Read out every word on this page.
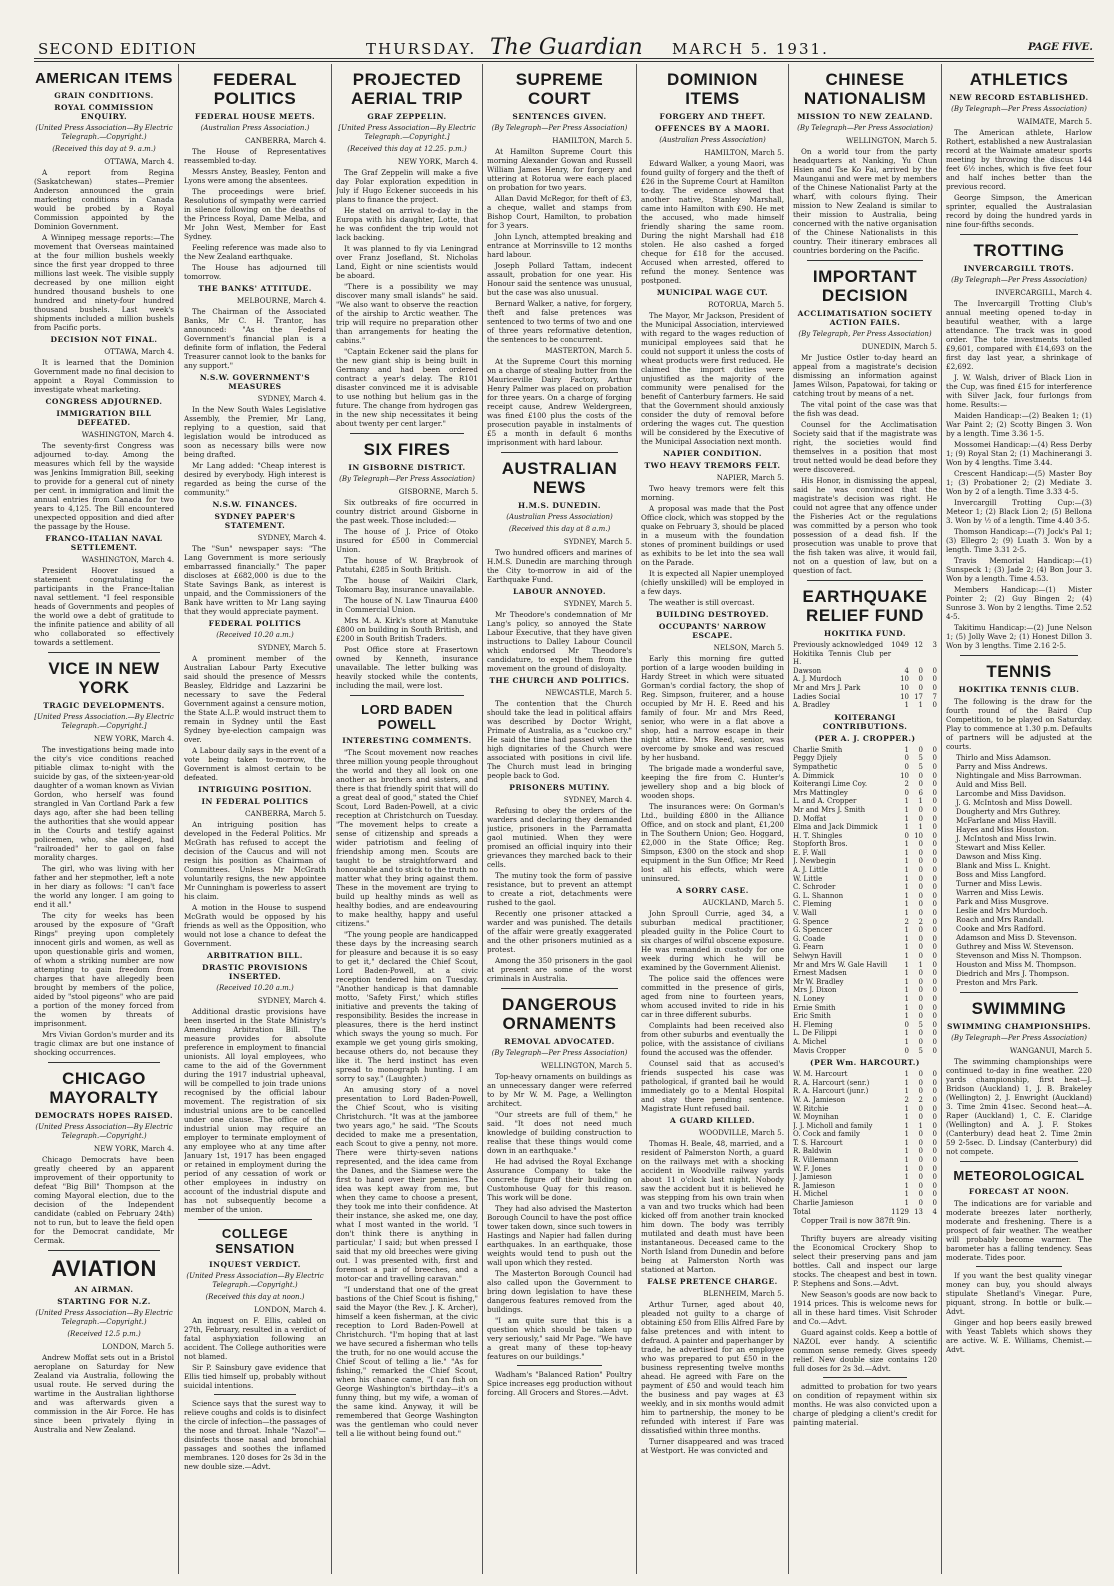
SECOND EDITION	THURSDAY. The Guardian MARCH 5. 1931.	PAGE FIVE.
AMERICAN ITEMS
GRAIN CONDITIONS.
ROYAL COMMISSION ENQUIRY.
(United Press Association—By Electric Telegraph.—Copyright.)
(Received this day at 9. a.m.)

OTTAWA, March 4.

A report from Regina (Saskatchewan) states—Premier Anderson announced the grain marketing conditions in Canada would be probed by a Royal Commission appointed by the Dominion Government.

A Winnipeg message reports:—The movement that Overseas maintained at the four million bushels weekly since the first year dropped to three millions last week. The visible supply decreased by one million eight hundred thousand bushels to one hundred and ninety-four hundred thousand bushels. Last week's shipments included a million bushels from Pacific ports.

DECISION NOT FINAL.

OTTAWA, March 4.

It is learned that the Dominion Government made no final decision to appoint a Royal Commission to investigate wheat marketing.

CONGRESS ADJOURNED.
IMMIGRATION BILL DEFEATED.

WASHINGTON, March 4.

The seventy-first Congress was adjourned to-day. Among the measures which fell by the wayside was Jenkins Immigration Bill, seeking to provide for a general cut of ninety per cent. in immigration and limit the annual entries from Canada for two years to 4,125. The Bill encountered unexpected opposition and died after the passage by the House.

FRANCO-ITALIAN NAVAL SETTLEMENT.

WASHINGTON, March 4.

President Hoover issued a statement congratulating the participants in the France-Italian naval settlement. "I feel responsible heads of Governments and peoples of the world owe a debt of gratitude to the infinite patience and ability of all who collaborated so effectively towards a settlement.

VICE IN NEW YORK
TRAGIC DEVELOPMENTS.
[United Press Association.—By Electric Telegraph.—Copyright.]

NEW YORK, March 4.

The investigations being made into the city's vice conditions reached pitiable climax to-night with the suicide by gas, of the sixteen-year-old daughter of a woman known as Vivian Gordon, who herself was found strangled in Van Cortland Park a few days ago, after she had been telling the authorities that she would appear in the Courts and testify against policemen, who, she alleged, had "railroaded" her to gaol on false morality charges.

The girl, who was living with her father and her stepmother, left a note in her diary as follows: "I can't face the world any longer. I am going to end it all."

The city for weeks has been aroused by the exposure of "Graft Rings" preying upon completely innocent girls and women, as well as upon questionable girls and women, of whom a striking number are now attempting to gain freedom from charges that have allegedly been brought by members of the police, aided by "stool pigeons" who are paid a portion of the money forced from the women by threats of imprisonment.

Mrs Vivian Gordon's murder and its tragic climax are but one instance of shocking occurrences.

CHICAGO MAYORALTY
DEMOCRATS HOPES RAISED.
(United Press Association—By Electric Telegraph.—Copyright.)

NEW YORK, March 4.

Chicago Democrats have been greatly cheered by an apparent improvement of their opportunity to defeat "Big Bill" Thompson at the coming Mayoral election, due to the decision of the Independent candidate (cabled on February 24th) not to run, but to leave the field open for the Democrat candidate, Mr Cermak.

AVIATION
AN AIRMAN.
STARTING FOR N.Z.
(United Press Association—By Electric Telegraph.—Copyright.)
(Received 12.5 p.m.)

LONDON, March 5.

Andrew Moffat sets out in a Bristol aeroplane on Saturday for New Zealand via Australia, following the usual route. He served during the wartime in the Australian lighthorse and was afterwards given a commission in the Air Force. He has since been privately flying in Australia and New Zealand.

FEDERAL POLITICS
FEDERAL HOUSE MEETS.
(Australian Press Association.)

CANBERRA, March 4.

The House of Representatives reassembled to-day.

Messrs Anstey, Beasley, Fenton and Lyons were among the absentees.

The proceedings were brief. Resolutions of sympathy were carried in silence following on the deaths of the Princess Royal, Dame Melba, and Mr John West, Member for East Sydney.

Feeling reference was made also to the New Zealand earthquake.

The House has adjourned till tomorrow.

THE BANKS' ATTITUDE.

MELBOURNE, March 4.

The Chairman of the Associated Banks, Mr C. H. Trantor, has announced: "As the Federal Government's financial plan is a definite form of inflation, the Federal Treasurer cannot look to the banks for any support."

N.S.W. GOVERNMENT'S MEASURES

SYDNEY, March 4.

In the New South Wales Legislative Assembly, the Premier, Mr Lang, replying to a question, said that legislation would be introduced as soon as necessary bills were now being drafted.

Mr Lang added: "Cheap interest is desired by everybody. High interest is regarded as being the curse of the community."

N.S.W. FINANCES.
SYDNEY PAPER'S STATEMENT.

SYDNEY, March 4.

The "Sun" newspaper says: "The Lang Government is more seriously embarrassed financially." The paper discloses at £682,000 is due to the State Savings Bank, as interest is unpaid, and the Commissioners of the Bank have written to Mr Lang saying that they would appreciate payment.

FEDERAL POLITICS
(Received 10.20 a.m.)

SYDNEY, March 5.

A prominent member of the Australian Labour Party Executive said should the presence of Messrs Beasley, Eldridge and Lazzarini be necessary to save the Federal Government against a censure motion, the State A.L.P. would instruct them to remain in Sydney until the East Sydney bye-election campaign was over.

A Labour daily says in the event of a vote being taken to-morrow, the Government is almost certain to be defeated.

INTRIGUING POSITION.
IN FEDERAL POLITICS

CANBERRA, March 5.

An intriguing position has developed in the Federal Politics. Mr McGrath has refused to accept the decision of the Caucus and will not resign his position as Chairman of Committees. Unless Mr McGrath voluntarily resigns, the new appointee Mr Cunningham is powerless to assert his claim.

A motion in the House to suspend McGrath would be opposed by his friends as well as the Opposition, who would not lose a chance to defeat the Government.

ARBITRATION BILL.
DRASTIC PROVISIONS INSERTED.
(Received 10.20 a.m.)

SYDNEY, March 4.

Additional drastic provisions have been inserted in the State Ministry's Amending Arbitration Bill. The measure provides for absolute preference in employment to financial unionists. All loyal employees, who came to the aid of the Government during the 1917 industrial upheaval, will be compelled to join trade unions recognised by the official labour movement. The registration of six industrial unions are to be cancelled under one clause. The office of the industrial union may require an employer to terminate employment of any employee who at any time after January 1st, 1917 has been engaged or retained in employment during the period of any cessation of work or other employees in industry on account of the industrial dispute and has not subsequently become a member of the union.

COLLEGE SENSATION
INQUEST VERDICT.
(United Press Association—By Electric Telegraph.—Copyright.)
(Received this day at noon.)

LONDON, March 4.

An inquest on F. Ellis, cabled on 27th, February, resulted in a verdict of fatal asphyxiation following an accident. The College authorities were not blamed.

Sir P. Sainsbury gave evidence that Ellis tied himself up, probably without suicidal intentions.

Science says that the surest way to relieve coughs and colds is to disinfect the circle of infection—the passages of the nose and throat. Inhale "Nazol"—disinfects those nasal and bronchial passages and soothes the inflamed membranes. 120 doses for 2s 3d in the new double size.—Advt.

PROJECTED AERIAL TRIP
GRAF ZEPPELIN.
[United Press Association—By Electric Telegraph.—Copyright.]
(Received this day at 12.25. p.m.)

NEW YORK, March 4.

The Graf Zeppelin will make a five day Polar exploration expedition in July if Hugo Eckener succeeds in his plans to finance the project.

He stated on arrival to-day in the Europa with his daughter, Lotte, that he was confident the trip would not lack backing.

It was planned to fly via Leningrad over Franz Josefland, St. Nicholas Land, Eight or nine scientists would be aboard.

"There is a possibility we may discover many small islands" he said. "We also want to observe the reaction of the airship to Arctic weather. The trip will require no preparation other than arrangements for heating the cabins."

"Captain Eckener said the plans for the new giant ship is being built in Germany and had been ordered contract a year's delay. The R101 disaster convinced me it is advisable to use nothing but helium gas in the future. The change from hydrogen gas in the new ship necessitates it being about twenty per cent larger."

SIX FIRES
IN GISBORNE DISTRICT.
(By Telegraph—Per Press Association)

GISBORNE, March 5.

Six outbreaks of fire occurred in country district around Gisborne in the past week. Those included:—

The house of J. Price of Otoko insured for £500 in Commercial Union.

The house of W. Braybrook of Patutahi, £285 in South British.

The house of Waikiri Clark, Tokomaru Bay, insurance unavailable.

The house of N. Law Tinaurua £400 in Commercial Union.

Mrs M. A. Kirk's store at Manutuke £800 on building in South British, and £200 in South British Traders.

Post Office store at Frasertown owned by Kenneth, insurance unavailable. The letter bulking was heavily stocked while the contents, including the mail, were lost.

LORD BADEN POWELL
INTERESTING COMMENTS.

"The Scout movement now reaches three million young people throughout the world and they all look on one another as brothers and sisters, and there is that friendly spirit that will do a great deal of good," stated the Chief Scout, Lord Baden-Powell, at a civic reception at Christchurch on Tuesday. "The movement helps to create a sense of citizenship and spreads a wider patriotism and feeling of friendship among men. Scouts are taught to be straightforward and honourable and to stick to the truth no matter what they bring against them. These in the movement are trying to build up healthy minds as well as healthy bodies, and are endeavouring to make healthy, happy and useful citizens."

"The young people are handicapped these days by the increasing search for pleasure and because it is so easy to get it," declared the Chief Scout, Lord Baden-Powell, at a civic reception tendered him on Tuesday. "Another handicap is that damnable motto, 'Safety First,' which stifles initiative and prevents the taking of responsibility. Besides the increase in pleasures, there is the herd instinct which sways the young so much. For example we get young girls smoking, because others do, not because they like it. The herd instinct has even spread to monograph hunting. I am sorry to say." (Laughter.)

An amusing story of a novel presentation to Lord Baden-Powell, the Chief Scout, who is visiting Christchurch. "It was at the jamboree two years ago," he said. "The Scouts decided to make me a presentation, each Scout to give a penny, not more. There were thirty-seven nations represented, and the idea came from the Danes, and the Siamese were the first to hand over their pennies. The idea was kept away from me, but when they came to choose a present, they took me into their confidence. At their instance, she asked me, one day, what I most wanted in the world. 'I don't think there is anything in particular,' I said; but when pressed I said that my old breeches were giving out. I was presented with, first and foremost a pair of breeches, and a motor-car and travelling caravan."

"I understand that one of the great bastions of the Chief Scout is fishing," said the Mayor (the Rev. J. K. Archer), himself a keen fisherman, at the civic reception to Lord Baden-Powell at Christchurch. "I'm hoping that at last we have secured a fisherman who tells the truth, for no one would accuse the Chief Scout of telling a lie." "As for fishing," remarked the Chief Scout, when his chance came, "I can fish on George Washington's birthday—it's a funny thing, but my wife, a woman of the same kind. Anyway, it will be remembered that George Washington was the gentleman who could never tell a lie without being found out."

SUPREME COURT
SENTENCES GIVEN.
(By Telegraph—Per Press Association)

HAMILTON, March 5.

At Hamilton Supreme Court this morning Alexander Gowan and Russell William James Henry, for forgery and uttering at Rotorua were each placed on probation for two years.

Allan David McRegor, for theft of £3, a cheque, wallet and stamps from Bishop Court, Hamilton, to probation for 3 years.

John Lynch, attempted breaking and entrance at Morrinsville to 12 months hard labour.

Joseph Pollard Tattam, indecent assault, probation for one year. His Honour said the sentence was unusual, but the case was also unusual.

Bernard Walker, a native, for forgery, theft and false pretences was sentenced to two terms of two and one of three years reformative detention, the sentences to be concurrent.

MASTERTON, March 5.

At the Supreme Court this morning on a charge of stealing butter from the Mauriceville Dairy Factory, Arthur Henry Palmer was placed on probation for three years. On a charge of forging receipt cause, Andrew Weldergreen, was fined £100 plus the costs of the prosecution payable in instalments of £5 a month in default 6 months imprisonment with hard labour.

AUSTRALIAN NEWS
H.M.S. DUNEDIN.
(Australian Press Association)
(Received this day at 8 a.m.)

SYDNEY, March 5.

Two hundred officers and marines of H.M.S. Dunedin are marching through the City to-morrow in aid of the Earthquake Fund.

LABOUR ANNOYED.

SYDNEY, March 5.

Mr Theodore's condemnation of Mr Lang's policy, so annoyed the State Labour Executive, that they have given instructions to Dalley Labour Council which endorsed Mr Theodore's candidature, to expel them from the movement on the ground of disloyalty.

THE CHURCH AND POLITICS.

NEWCASTLE, March 5.

The contention that the Church should take the lead in political affairs was described by Doctor Wright, Primate of Australia, as a "cuckoo cry." He said the time had passed when the high dignitaries of the Church were associated with positions in civil life. The Church must lead in bringing people back to God.

PRISONERS MUTINY.

SYDNEY, March 4.

Refusing to obey the orders of the warders and declaring they demanded justice, prisoners in the Parramatta gaol mutinied. When they were promised an official inquiry into their grievances they marched back to their cells.

The mutiny took the form of passive resistance, but to prevent an attempt to create a riot, detachments were rushed to the gaol.

Recently one prisoner attacked a warder and was punished. The details of the affair were greatly exaggerated and the other prisoners mutinied as a protest.

Among the 350 prisoners in the gaol at present are some of the worst criminals in Australia.

DANGEROUS ORNAMENTS
REMOVAL ADVOCATED.
(By Telegraph—Per Press Association)

WELLINGTON, March 5.

Top-heavy ornaments on buildings as an unnecessary danger were referred to by Mr W. M. Page, a Wellington architect.

"Our streets are full of them," he said. "It does not need much knowledge of building construction to realise that these things would come down in an earthquake."

He had advised the Royal Exchange Assurance Company to take the concrete figure off their building on Customhouse Quay for this reason. This work will be done.

They had also advised the Masterton Borough Council to have the post office tower taken down, since such towers in Hastings and Napier had fallen during earthquakes. In an earthquake, those weights would tend to push out the wall upon which they rested.

The Masterton Borough Council had also called upon the Government to bring down legislation to have these dangerous features removed from the buildings.

"I am quite sure that this is a question which should be taken up very seriously," said Mr Page. "We have a great many of these top-heavy features on our buildings."

Wadham's "Balanced Ration" Poultry Spice increases egg production without forcing. All Grocers and Stores.—Advt.

DOMINION ITEMS
FORGERY AND THEFT.
OFFENCES BY A MAORI.
(Australian Press Association)

HAMILTON, March 5.

Edward Walker, a young Maori, was found guilty of forgery and the theft of £26 in the Supreme Court at Hamilton to-day. The evidence showed that another native, Stanley Marshall, came into Hamilton with £90. He met the accused, who made himself friendly sharing the same room. During the night Marshall had £18 stolen. He also cashed a forged cheque for £18 for the accused. Accused when arrested, offered to refund the money. Sentence was postponed.

MUNICIPAL WAGE CUT.

ROTORUA, March 5.

The Mayor, Mr Jackson, President of the Municipal Association, interviewed with regard to the wages reduction of municipal employees said that he could not support it unless the costs of wheat products were first reduced. He claimed the import duties were unjustified as the majority of the community were penalised for the benefit of Canterbury farmers. He said that the Government should anxiously consider the duty of removal before ordering the wages cut. The question will be considered by the Executive of the Municipal Association next month.

NAPIER CONDITION.
TWO HEAVY TREMORS FELT.

NAPIER, March 5.

Two heavy tremors were felt this morning.

A proposal was made that the Post Office clock, which was stopped by the quake on February 3, should be placed in a museum with the foundation stones of prominent buildings or used as exhibits to be let into the sea wall on the Parade.

It is expected all Napier unemployed (chiefly unskilled) will be employed in a few days.

The weather is still overcast.

BUILDING DESTROYED.
OCCUPANTS' NARROW ESCAPE.

NELSON, March 5.

Early this morning fire gutted portion of a large wooden building in Hardy Street in which were situated Gorman's cordial factory, the shop of Reg. Simpson, fruiterer, and a house occupied by Mr H. E. Reed and his family of four. Mr and Mrs Reed, senior, who were in a flat above a shop, had a narrow escape in their night attire. Mrs Reed, senior, was overcome by smoke and was rescued by her husband.

The brigade made a wonderful save, keeping the fire from C. Hunter's jewellery shop and a big block of wooden shops.

The insurances were: On Gorman's Ltd., building £800 in the Alliance Office, and on stock and plant, £1,200 in The Southern Union; Geo. Hoggard, £2,000 in the State Office; Reg. Simpson, £300 on the stock and shop equipment in the Sun Office; Mr Reed lost all his effects, which were uninsured.

A SORRY CASE.

AUCKLAND, March 5.

John Sproull Currie, aged 34, a suburban medical practitioner, pleaded guilty in the Police Court to six charges of wilful obscene exposure. He was remanded in custody for one week during which he will be examined by the Government Alienist.

The police said the offences were committed in the presence of girls, aged from nine to fourteen years, whom accused invited to ride in his car in three different suburbs.

Complaints had been received also from other suburbs and eventually the police, with the assistance of civilians found the accused was the offender.

Counsel said that as accused's friends suspected his case was pathological, if granted bail he would immediately go to a Mental Hospital and stay there pending sentence. Magistrate Hunt refused bail.

A GUARD KILLED.

WOODVILLE, March 5.

Thomas H. Beale, 48, married, and a resident of Palmerston North, a guard on the railways met with a shocking accident in Woodville railway yards about 11 o'clock last night. Nobody saw the accident but it is believed he was stepping from his own train when a van and two trucks which had been kicked off from another train knocked him down. The body was terribly mutilated and death must have been instantaneous. Deceased came to the North Island from Dunedin and before being at Palmerston North was stationed at Marton.

FALSE PRETENCE CHARGE.

BLENHEIM, March 5.

Arthur Turner, aged about 40, pleaded not guilty to a charge of obtaining £50 from Ellis Alfred Fare by false pretences and with intent to defraud. A painter and paperhanger by trade, he advertised for an employee who was prepared to put £50 in the business representing twelve months ahead. He agreed with Fare on the payment of £50 and would teach him the business and pay wages at £3 weekly, and in six months would admit him to partnership, the money to be refunded with interest if Fare was dissatisfied within three months.

Turner disappeared and was traced at Westport. He was convicted and

CHINESE NATIONALISM
MISSION TO NEW ZEALAND.
(By Telegraph—Per Press Association)

WELLINGTON, March 5.

On a world tour from the party headquarters at Nanking, Yu Chun Hsien and Tse Ko Fai, arrived by the Maunganui and were met by members of the Chinese Nationalist Party at the wharf, with colours flying. Their mission to New Zealand is similar to their mission to Australia, being concerned with the native organisation of the Chinese Nationalists in this country. Their itinerary embraces all countries bordering on the Pacific.

IMPORTANT DECISION
ACCLIMATISATION SOCIETY ACTION FAILS.
(By Telegraph, Per Press Association)

DUNEDIN, March 5.

Mr Justice Ostler to-day heard an appeal from a magistrate's decision dismissing an information against James Wilson, Papatowai, for taking or catching trout by means of a net.

The vital point of the case was that the fish was dead.

Counsel for the Acclimatisation Society said that if the magistrate was right, the societies would find themselves in a position that most trout netted would be dead before they were discovered.

His Honor, in dismissing the appeal, said he was convinced that the magistrate's decision was right. He could not agree that any offence under the Fisheries Act or the regulations was committed by a person who took possession of a dead fish. If the prosecution was unable to prove that the fish taken was alive, it would fail, not on a question of law, but on a question of fact.

EARTHQUAKE RELIEF FUND
HOKITIKA FUND.
Previously acknowledged	1049	12	3
Hokitika Tennis Club per H.			
Dawson	4	0	0
A. J. Murdoch	10	0	0
Mr and Mrs J. Park	10	0	0
Ladies Social	10	17	7
A. Bradley	1	1	0
KOITERANGI CONTRIBUTIONS.
(PER A. J. CROPPER.)
Charlie Smith	1	0	0
Peggy Djiely	0	5	0
Sympathetic	0	5	0
A. Dimmick	10	0	0
Koiterangi Lime Coy.	2	0	0
Mrs Mattingley	0	6	0
L. and A. Cropper	1	1	0
Mr and Mrs J. Smith	1	0	0
D. Moffat	1	0	0
Elma and Jack Dimmick	1	1	0
H. T. Shingles	0	10	0
Stopforth Bros.	1	0	0
E. F. Wall	1	0	0
J. Newbegin	1	0	0
A. J. Little	1	0	0
W. Little	1	0	0
C. Schroder	1	0	0
G. L. Shannon	1	0	0
C. Fleming	1	0	0
V. Wall	1	0	0
G. Spence	2	2	0
G. Spencer	1	0	0
G. Coade	1	0	0
G. Fearn	1	0	0
Selwyn Havill	1	0	0
Mr and Mrs W. Gale Havill	1	1	0
Ernest Madsen	1	0	0
Mr W. Bradley	1	0	0
Mrs J. Dixon	1	0	0
N. Loney	1	0	0
Ernie Smith	1	0	0
Eric Smith	1	0	0
H. Fleming	0	5	0
L. De Filippi	1	0	0
A. Michel	1	0	0
Mavis Cropper	0	5	0
(PER Wm. HARCOURT.)
W. M. Harcourt	1	0	0
R. A. Harcourt (senr.)	1	0	0
R. A. Harcourt (junr.)	1	0	0
W. A. Jamieson	2	2	0
W. Ritchie	1	0	0
W. Moynihan	1	0	0
J. J. Micholl and family	1	1	0
O. Cock and family	1	0	0
T. S. Harcourt	1	0	0
R. Baldwin	1	0	0
R. Villemann	1	0	0
W. F. Jones	1	0	0
J. Jamieson	1	0	0
R. Jamieson	1	0	0
H. Michel	1	0	0
Charlie Jamieson	1	0	0
Total	1129	13	4

Copper Trail is now 387ft 9in.

Thrifty buyers are already visiting the Economical Crockery Shop to select their preserving pans and jam bottles. Call and inspect our large stocks. The cheapest and best in town. P. Stephens and Sons.—Advt.

New Season's goods are now back to 1914 prices. This is welcome news for all in these hard times. Visit Schroder and Co.—Advt.

Guard against colds. Keep a bottle of NAZOL ever handy. A scientific common sense remedy. Gives speedy relief. New double size contains 120 full doses for 2s 3d.—Advt.

admitted to probation for two years on condition of repayment within six months. He was also convicted upon a charge of pledging a client's credit for painting material.

ATHLETICS
NEW RECORD ESTABLISHED.
(By Telegraph—Per Press Association)

WAIMATE, March 5.

The American athlete, Harlow Rothert, established a new Australasian record at the Waimate amateur sports meeting by throwing the discus 144 feet 6½ inches, which is five feet four and half inches better than the previous record.

George Simpson, the American sprinter, equalled the Australasian record by doing the hundred yards in nine four-fifths seconds.

TROTTING
INVERCARGILL TROTS.
(By Telegraph—Per Press Association)

INVERCARGILL, March 4.

The Invercargill Trotting Club's annual meeting opened to-day in beautiful weather, with a large attendance. The track was in good order. The tote investments totalled £9,601, compared with £14,693 on the first day last year, a shrinkage of £2,692.

J. W. Walsh, driver of Black Lion in the Cup, was fined £15 for interference with Silver Jack, four furlongs from home. Results:—

Maiden Handicap:—(2) Beaken 1; (1) War Paint 2; (2) Scotty Bingen 3. Won by a length. Time 3.36 1-5.

Mossomei Handicap:—(4) Ress Derby 1; (9) Royal Stan 2; (1) Machinerangi 3. Won by 4 lengths. Time 3.44.

Crescent Handicap:—(5) Master Boy 1; (3) Probationer 2; (2) Mediate 3. Won by 2 of a length. Time 3.33 4-5.

Invercargill Trotting Cup:—(3) Meteor 1; (2) Black Lion 2; (5) Bellona 3. Won by ½ of a length. Time 4.40 3-5.

Thomson Handicap:—(7) Jock's Pal 1; (3) Ellegro 2; (9) Luath 3. Won by a length. Time 3.31 2-5.

Travis Memorial Handicap:—(1) Sunspeck 1; (3) Jade 2; (4) Bon Jour 3. Won by a length. Time 4.53.

Members Handicap:—(1) Mister Pointer 2; (2) Guy Bingen 2; (4) Sunrose 3. Won by 2 lengths. Time 2.52 4-5.

Takitimu Handicap:—(2) June Nelson 1; (5) Jolly Wave 2; (1) Honest Dillon 3. Won by 3 lengths. Time 2.16 2-5.

TENNIS
HOKITIKA TENNIS CLUB.

The following is the draw for the fourth round of the Baird Cup Competition, to be played on Saturday. Play to commence at 1.30 p.m. Defaults of partners will be adjusted at the courts.

Thirlo and Miss Adamson.
Parry and Miss Andrews.
Nightingale and Miss Barrowman.
Auld and Miss Bell.
Larcombe and Miss Davidson.
J. G. McIntosh and Miss Dowell.
Dougherty and Mrs Guthrey.
McFarlane and Miss Havill.
Hayes and Miss Houston.
J. McIntosh and Miss Irwin.
Stewart and Miss Keller.
Dawson and Miss King.
Blank and Miss L. Knight.
Boss and Miss Langford.
Turner and Miss Lewis.
Warren and Miss Lewis.
Park and Miss Musgrove.
Leslie and Mrs Murdoch.
Roach and Mrs Randall.
Cooke and Mrs Radford.
Adamson and Miss D. Stevenson.
Guthrey and Miss W. Stevenson.
Stevenson and Miss N. Thompson.
Houston and Miss M. Thompson.
Diedrich and Mrs J. Thompson.
Preston and Mrs Park.
SWIMMING
SWIMMING CHAMPIONSHIPS.
(By Telegraph—Per Press Association)

WANGANUI, March 5.

The swimming championships were continued to-day in fine weather. 220 yards championship, first heat—J. Bridson (Auckland) 1, J. B. Brakeley (Wellington) 2, J. Enwright (Auckland) 3. Time 2min 41sec. Second heat—A. Raper (Auckland) 1, C. E. Claridge (Wellington) and A. J. F. Stokes (Canterbury) dead heat 2. Time 2min 59 2-5sec. D. Lindsay (Canterbury) did not compete.

METEOROLOGICAL
FORECAST AT NOON.

The indications are for variable and moderate breezes later northerly, moderate and freshening. There is a prospect of fair weather. The weather will probably become warmer. The barometer has a falling tendency. Seas moderate. Tides poor.

If you want the best quality vinegar money can buy, you should always stipulate Shetland's Vinegar. Pure, piquant, strong. In bottle or bulk.—Advt.

Ginger and hop beers easily brewed with Yeast Tablets which shows they are active. W. E. Williams, Chemist.—Advt.
